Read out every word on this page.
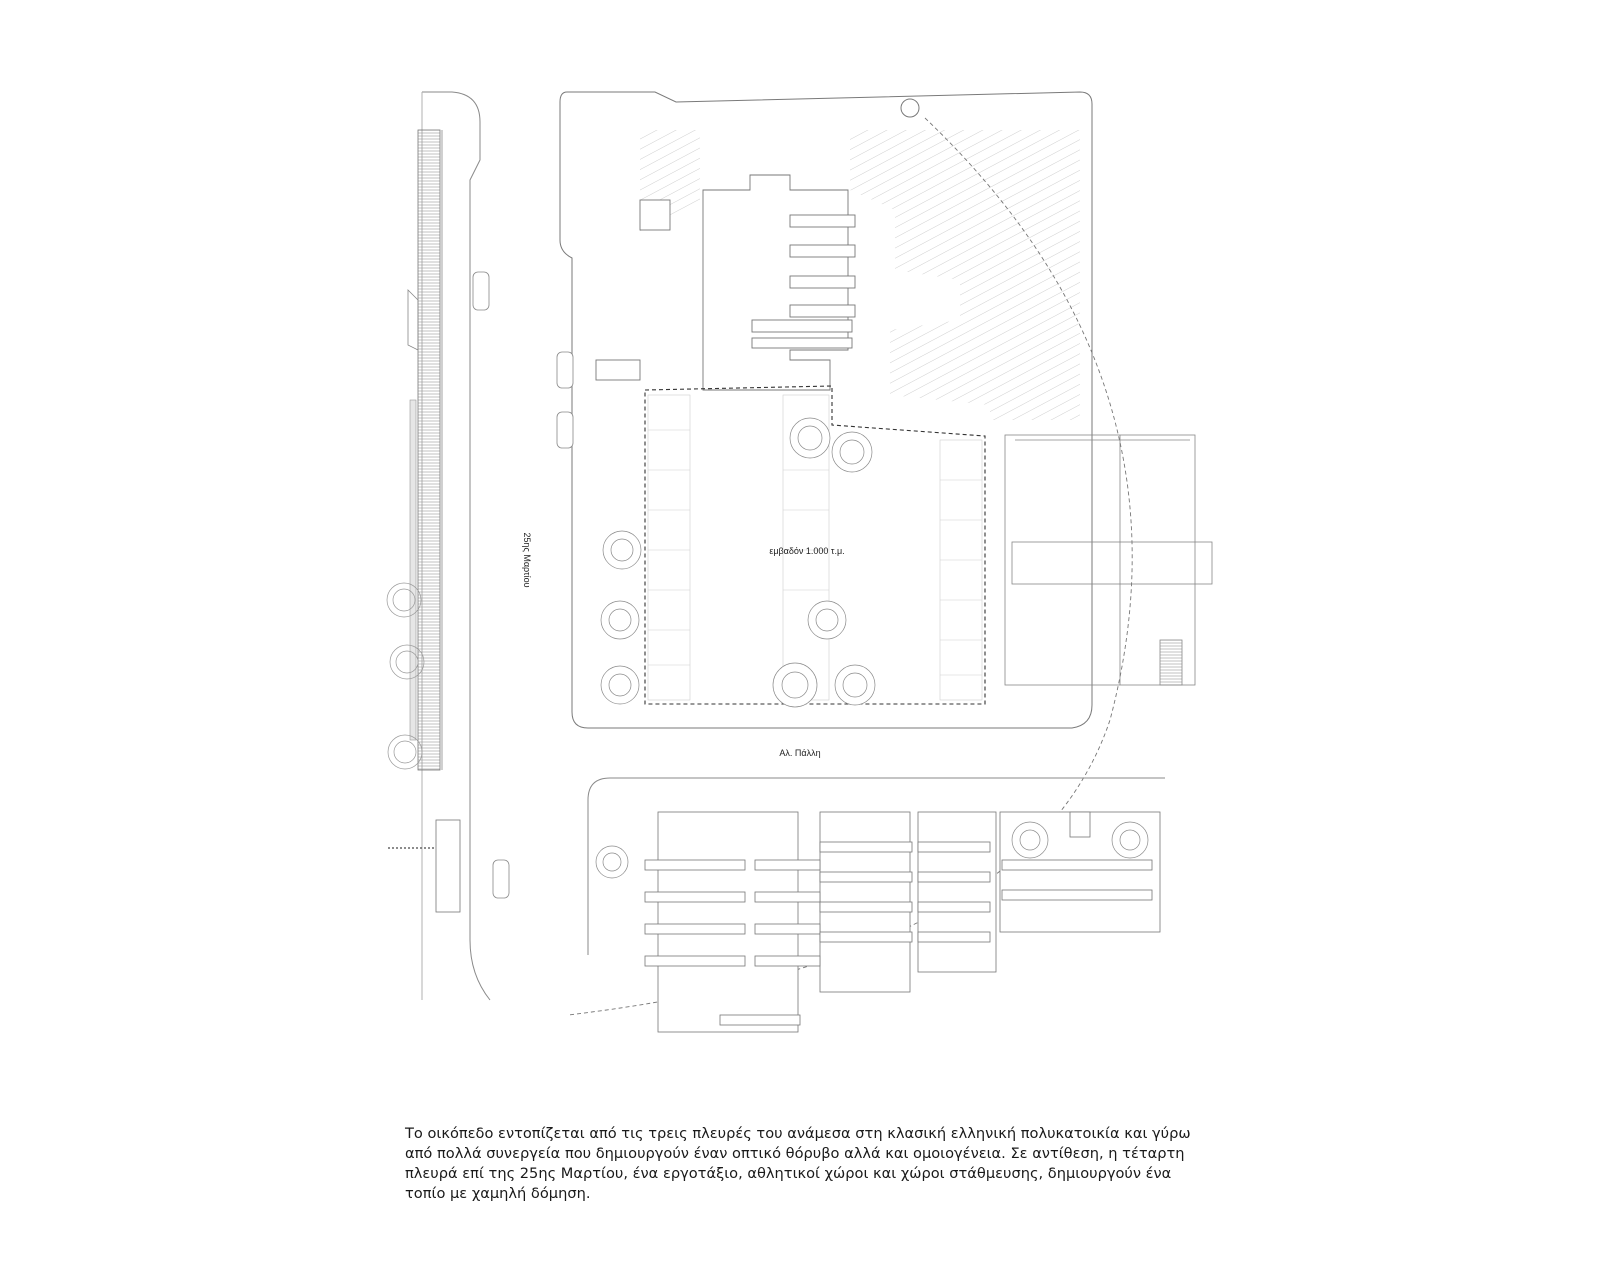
25ης Μαρτίου
Αλ. Πάλλη
εμβαδόν 1.000 τ.μ.

Το οικόπεδο εντοπίζεται από τις τρεις πλευρές του ανάμεσα στη κλασική ελληνική πολυκατοικία και γύρω από πολλά συνεργεία που δημιουργούν έναν οπτικό θόρυβο αλλά και ομοιογένεια. Σε αντίθεση, η τέταρτη πλευρά επί της 25ης Μαρτίου, ένα εργοτάξιο, αθλητικοί χώροι και χώροι στάθμευσης, δημιουργούν ένα τοπίο με χαμηλή δόμηση.
